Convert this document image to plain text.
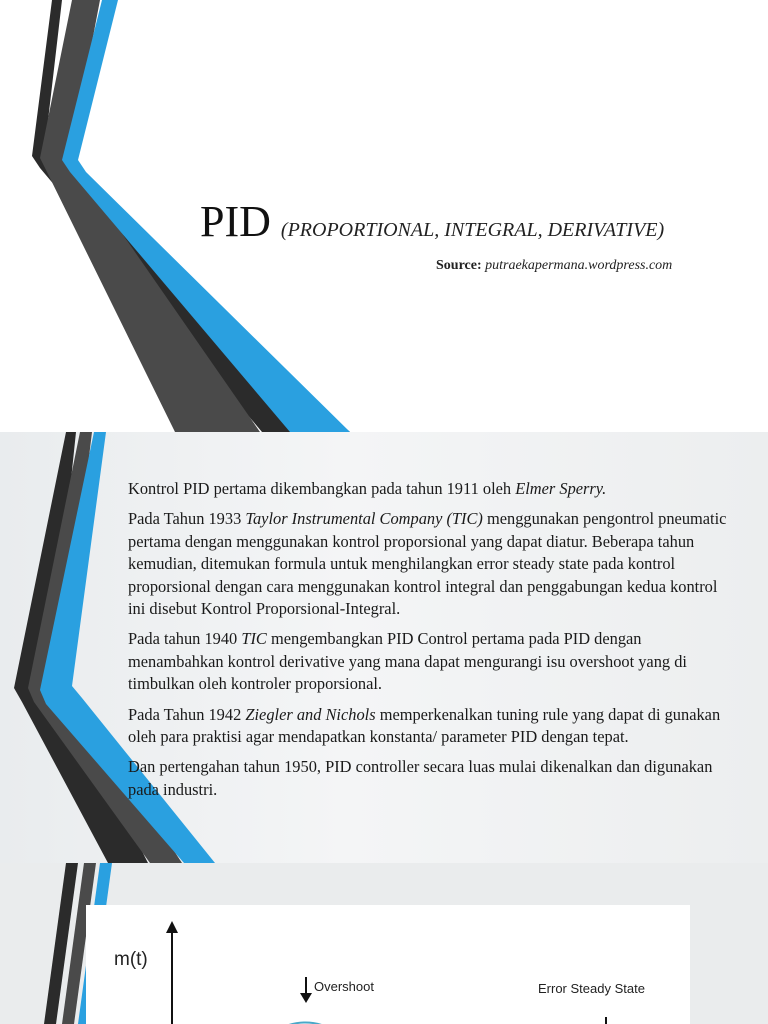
PID (PROPORTIONAL, INTEGRAL, DERIVATIVE)
Source: putraekapermana.wordpress.com

Kontrol PID pertama dikembangkan pada tahun 1911 oleh Elmer Sperry.

Pada Tahun 1933 Taylor Instrumental Company (TIC) menggunakan pengontrol pneumatic pertama dengan menggunakan kontrol proporsional yang dapat diatur. Beberapa tahun kemudian, ditemukan formula untuk menghilangkan error steady state pada kontrol proporsional dengan cara menggunakan kontrol integral dan penggabungan kedua kontrol ini disebut Kontrol Proporsional-Integral.

Pada tahun 1940 TIC mengembangkan PID Control pertama pada PID dengan menambahkan kontrol derivative yang mana dapat mengurangi isu overshoot yang di timbulkan oleh kontroler proporsional.

Pada Tahun 1942 Ziegler and Nichols memperkenalkan tuning rule yang dapat di gunakan oleh para praktisi agar mendapatkan konstanta/ parameter PID dengan tepat.

Dan pertengahan tahun 1950, PID controller secara luas mulai dikenalkan dan digunakan pada industri.

m(t)
Overshoot	Error Steady State
